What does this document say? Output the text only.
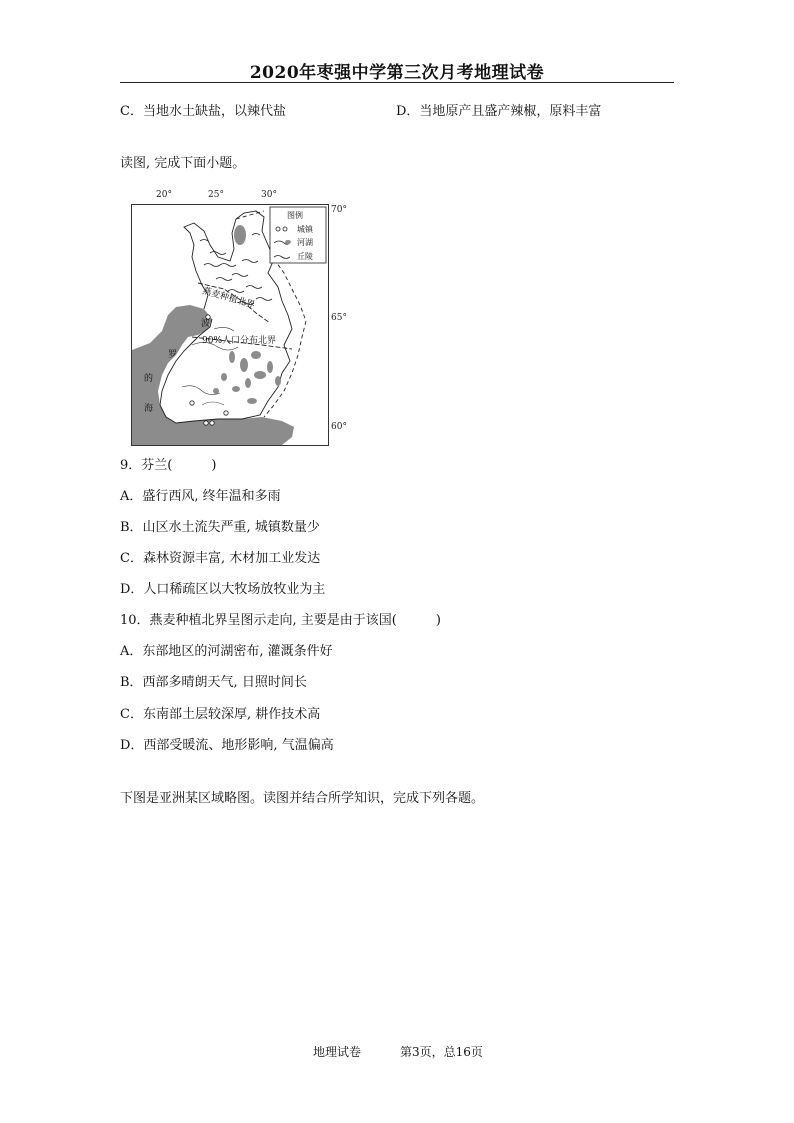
2020年枣强中学第三次月考地理试卷
C．当地水土缺盐，以辣代盐	D．当地原产且盛产辣椒，原料丰富
读图, 完成下面小题。
20°	25°	30°
70°
65°
60°
燕麦种植北界
90%人口分布北界
波
罗
的
海
图例
城镇
河湖
丘陵
9．芬兰(　　　)
A．盛行西风, 终年温和多雨
B．山区水土流失严重, 城镇数量少
C．森林资源丰富, 木材加工业发达
D．人口稀疏区以大牧场放牧业为主
10．燕麦种植北界呈图示走向, 主要是由于该国(　　　)
A．东部地区的河湖密布, 灌溉条件好
B．西部多晴朗天气, 日照时间长
C．东南部土层较深厚, 耕作技术高
D．西部受暖流、地形影响, 气温偏高
下图是亚洲某区域略图。读图并结合所学知识，完成下列各题。
地理试卷	第3页，总16页
